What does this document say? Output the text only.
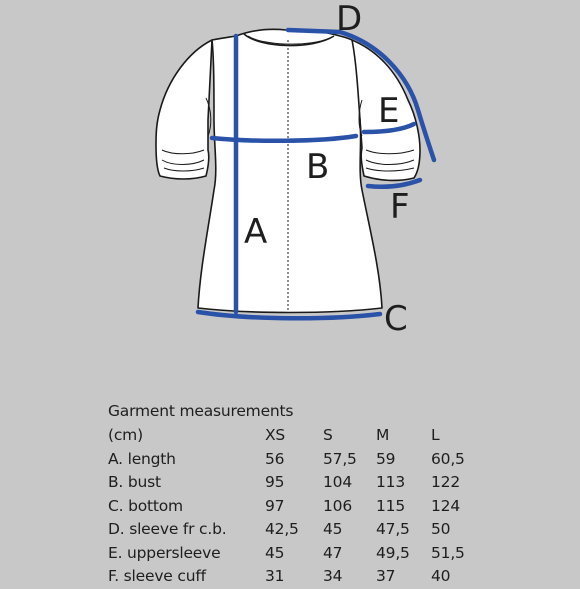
A
B
C
D
E
F
Garment measurements
(cm)	XS	S	M	L
A. length	56	57,5	59	60,5
B. bust	95	104	113	122
C. bottom	97	106	115	124
D. sleeve fr c.b.	42,5	45	47,5	50
E. uppersleeve	45	47	49,5	51,5
F. sleeve cuff	31	34	37	40
